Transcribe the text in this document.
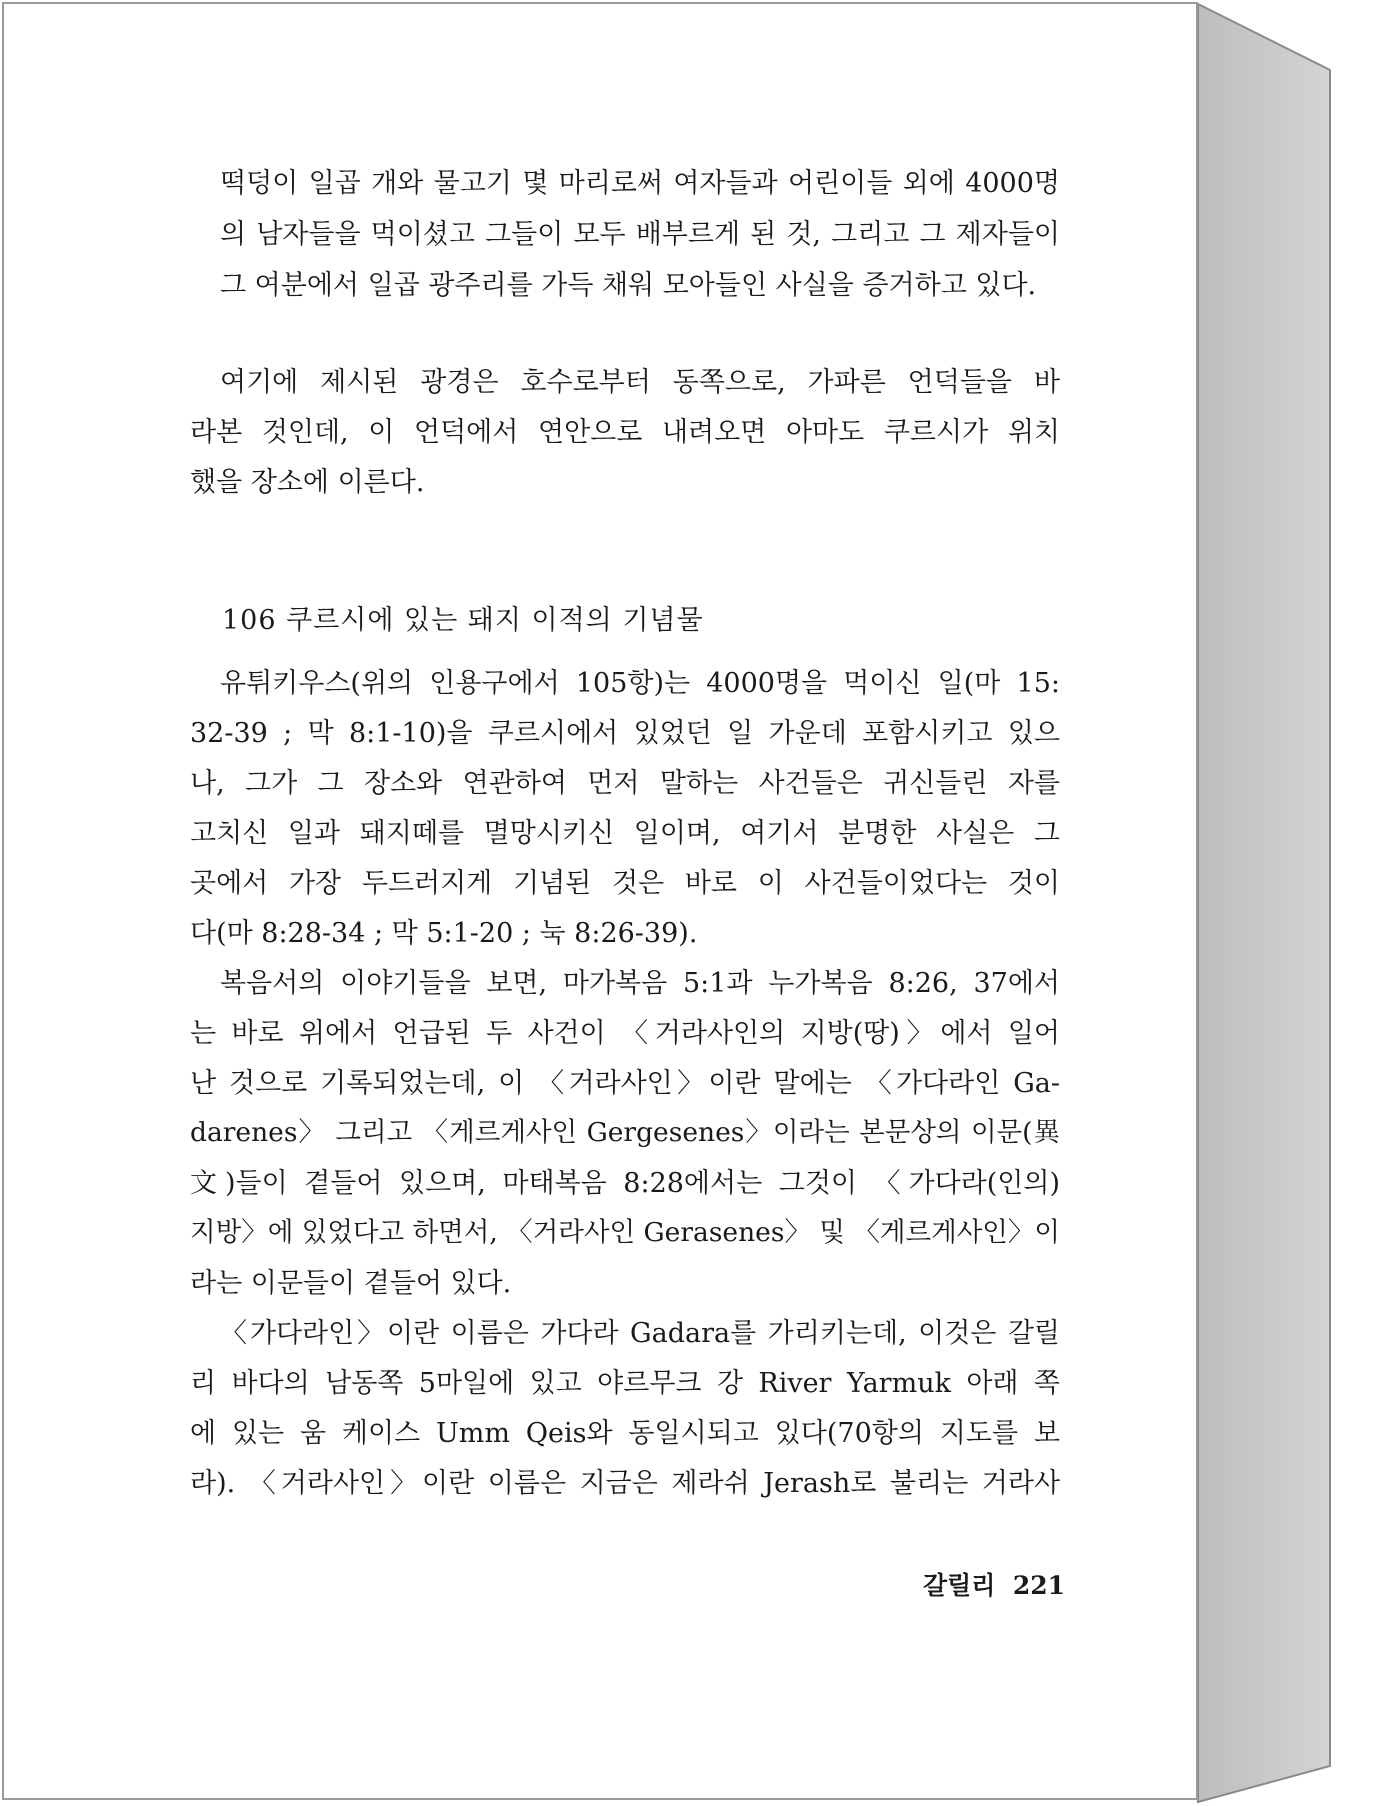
떡덩이 일곱 개와 물고기 몇 마리로써 여자들과 어린이들 외에 4000명
의 남자들을 먹이셨고 그들이 모두 배부르게 된 것, 그리고 그 제자들이
그 여분에서 일곱 광주리를 가득 채워 모아들인 사실을 증거하고 있다.
여기에 제시된 광경은 호수로부터 동쪽으로, 가파른 언덕들을 바
라본 것인데, 이 언덕에서 연안으로 내려오면 아마도 쿠르시가 위치
했을 장소에 이른다.
106 쿠르시에 있는 돼지 이적의 기념물
유튀키우스(위의 인용구에서 105항)는 4000명을 먹이신 일(마 15:
32-39 ; 막 8:1-10)을 쿠르시에서 있었던 일 가운데 포함시키고 있으
나, 그가 그 장소와 연관하여 먼저 말하는 사건들은 귀신들린 자를
고치신 일과 돼지떼를 멸망시키신 일이며, 여기서 분명한 사실은 그
곳에서 가장 두드러지게 기념된 것은 바로 이 사건들이었다는 것이
다(마 8:28-34 ; 막 5:1-20 ; 눅 8:26-39).
복음서의 이야기들을 보면, 마가복음 5:1과 누가복음 8:26, 37에서
는 바로 위에서 언급된 두 사건이 〈거라사인의 지방(땅)〉에서 일어
난 것으로 기록되었는데, 이 〈거라사인〉이란 말에는 〈가다라인 Ga-
darenes〉 그리고 〈게르게사인 Gergesenes〉이라는 본문상의 이문(異
文)들이 곁들어 있으며, 마태복음 8:28에서는 그것이 〈가다라(인의)
지방〉에 있었다고 하면서, 〈거라사인 Gerasenes〉 및 〈게르게사인〉이
라는 이문들이 곁들어 있다.
〈가다라인〉이란 이름은 가다라 Gadara를 가리키는데, 이것은 갈릴
리 바다의 남동쪽 5마일에 있고 야르무크 강 River Yarmuk 아래 쪽
에 있는 움 케이스 Umm Qeis와 동일시되고 있다(70항의 지도를 보
라). 〈거라사인〉이란 이름은 지금은 제라쉬 Jerash로 불리는 거라사
갈릴리 221
